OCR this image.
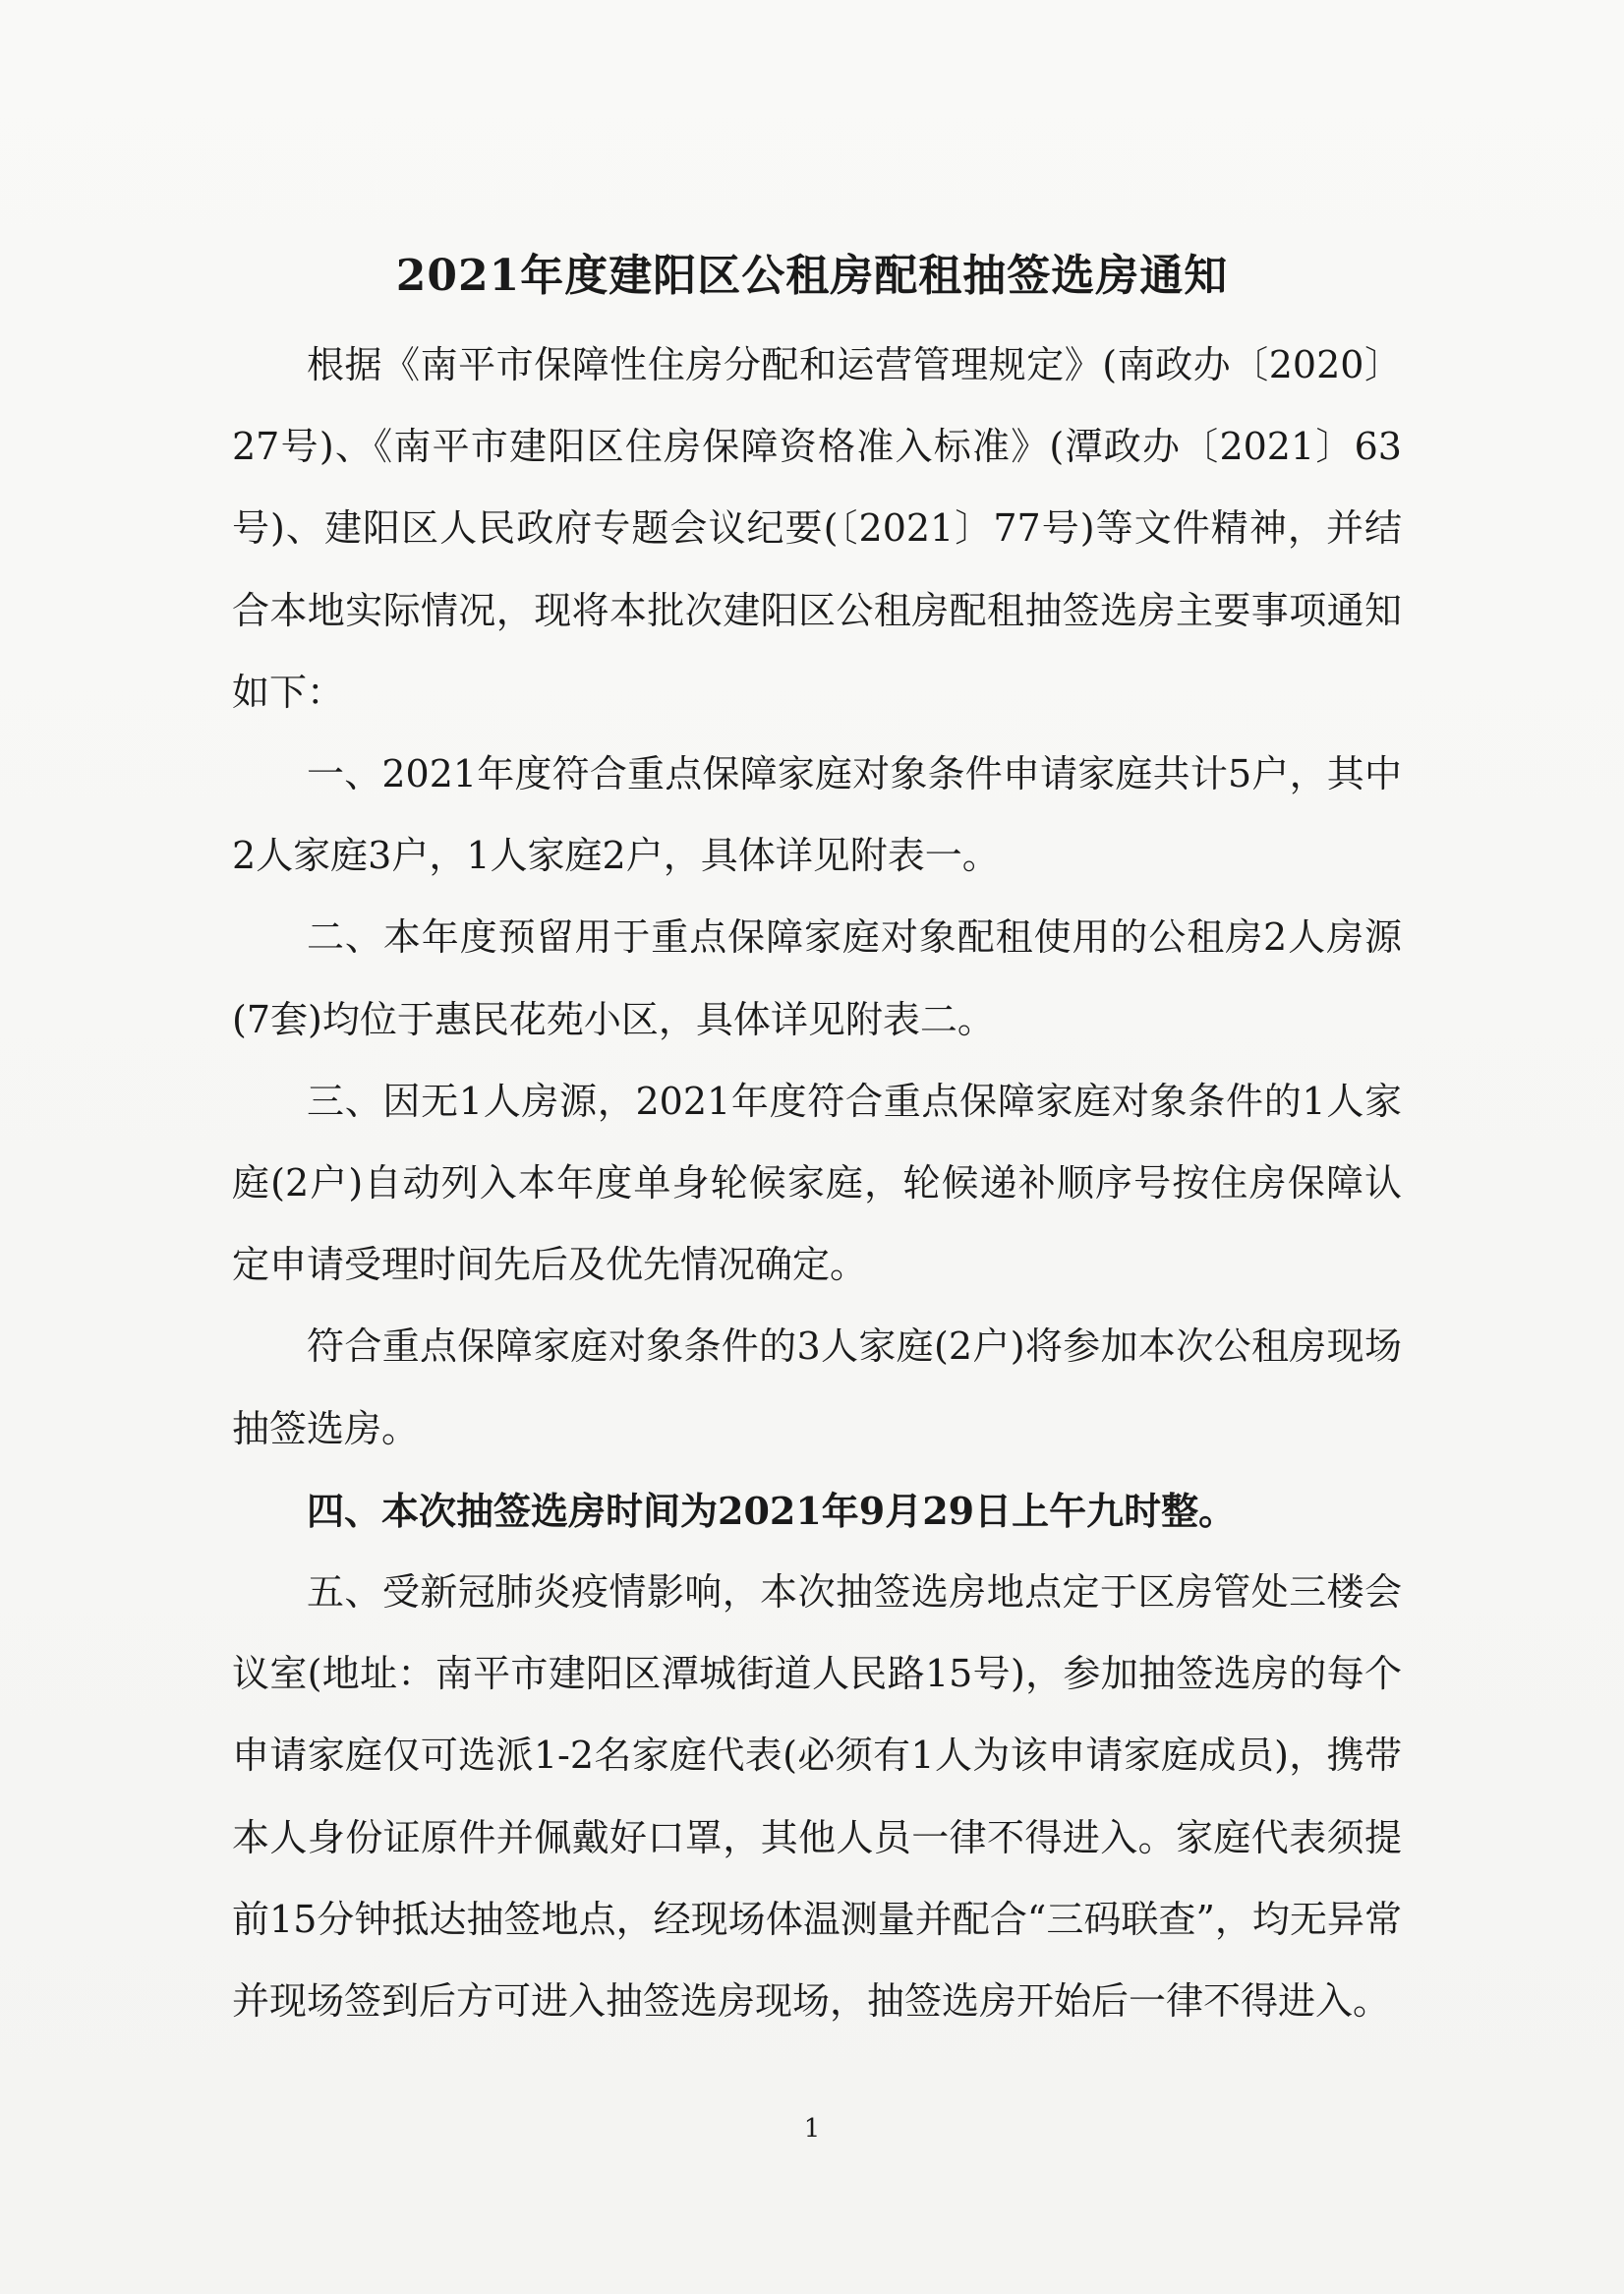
2021年度建阳区公租房配租抽签选房通知

根据《南平市保障性住房分配和运营管理规定》(南政办〔2020〕27号)、《南平市建阳区住房保障资格准入标准》(潭政办〔2021〕63号)、建阳区人民政府专题会议纪要(〔2021〕77号)等文件精神，并结合本地实际情况，现将本批次建阳区公租房配租抽签选房主要事项通知如下：

一、2021年度符合重点保障家庭对象条件申请家庭共计5户，其中2人家庭3户，1人家庭2户，具体详见附表一。

二、本年度预留用于重点保障家庭对象配租使用的公租房2人房源(7套)均位于惠民花苑小区，具体详见附表二。

三、因无1人房源，2021年度符合重点保障家庭对象条件的1人家庭(2户)自动列入本年度单身轮候家庭，轮候递补顺序号按住房保障认定申请受理时间先后及优先情况确定。

符合重点保障家庭对象条件的3人家庭(2户)将参加本次公租房现场抽签选房。

四、本次抽签选房时间为2021年9月29日上午九时整。

五、受新冠肺炎疫情影响，本次抽签选房地点定于区房管处三楼会议室(地址：南平市建阳区潭城街道人民路15号)，参加抽签选房的每个申请家庭仅可选派1-2名家庭代表(必须有1人为该申请家庭成员)，携带本人身份证原件并佩戴好口罩，其他人员一律不得进入。家庭代表须提前15分钟抵达抽签地点，经现场体温测量并配合“三码联查”，均无异常并现场签到后方可进入抽签选房现场，抽签选房开始后一律不得进入。

1
